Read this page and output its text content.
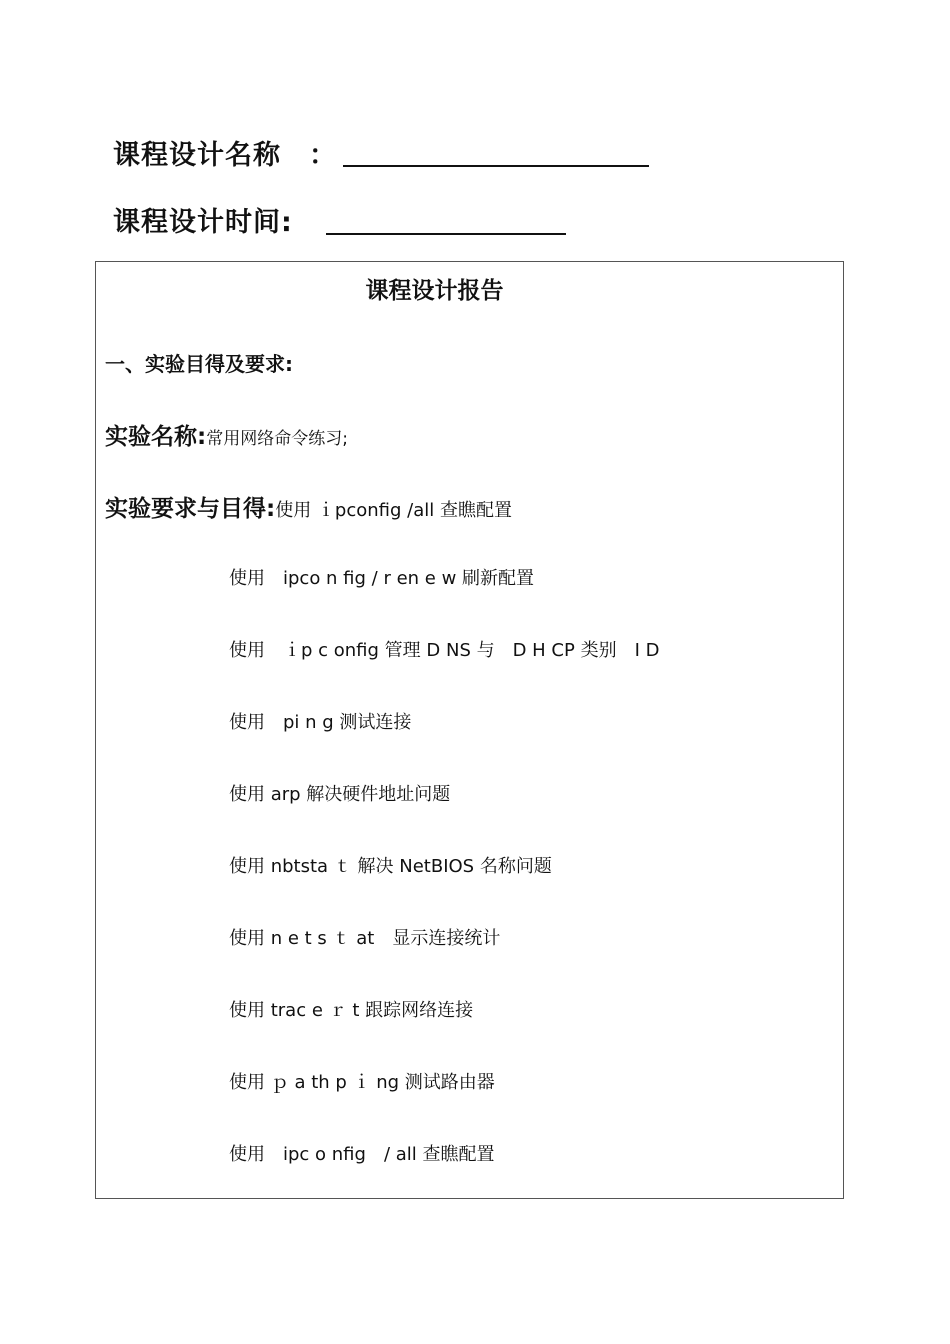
课程设计名称 ：
课程设计时间:
课程设计报告
一、实验目得及要求:
实验名称:常用网络命令练习;
实验要求与目得:使用 ｉpconfig /all 查瞧配置
使用　ipco n fig / r en e w 刷新配置
使用　ｉp c onfig 管理 D NS 与　D H CP 类别　I D
使用　pi n g 测试连接
使用 arp 解决硬件地址问题
使用 nbtsta ｔ 解决 NetBIOS 名称问题
使用 n e t s ｔ at　显示连接统计
使用 trac e ｒ t 跟踪网络连接
使用 ｐ a th p ｉ ng 测试路由器
使用　ipc o nfig　/ all 查瞧配置
